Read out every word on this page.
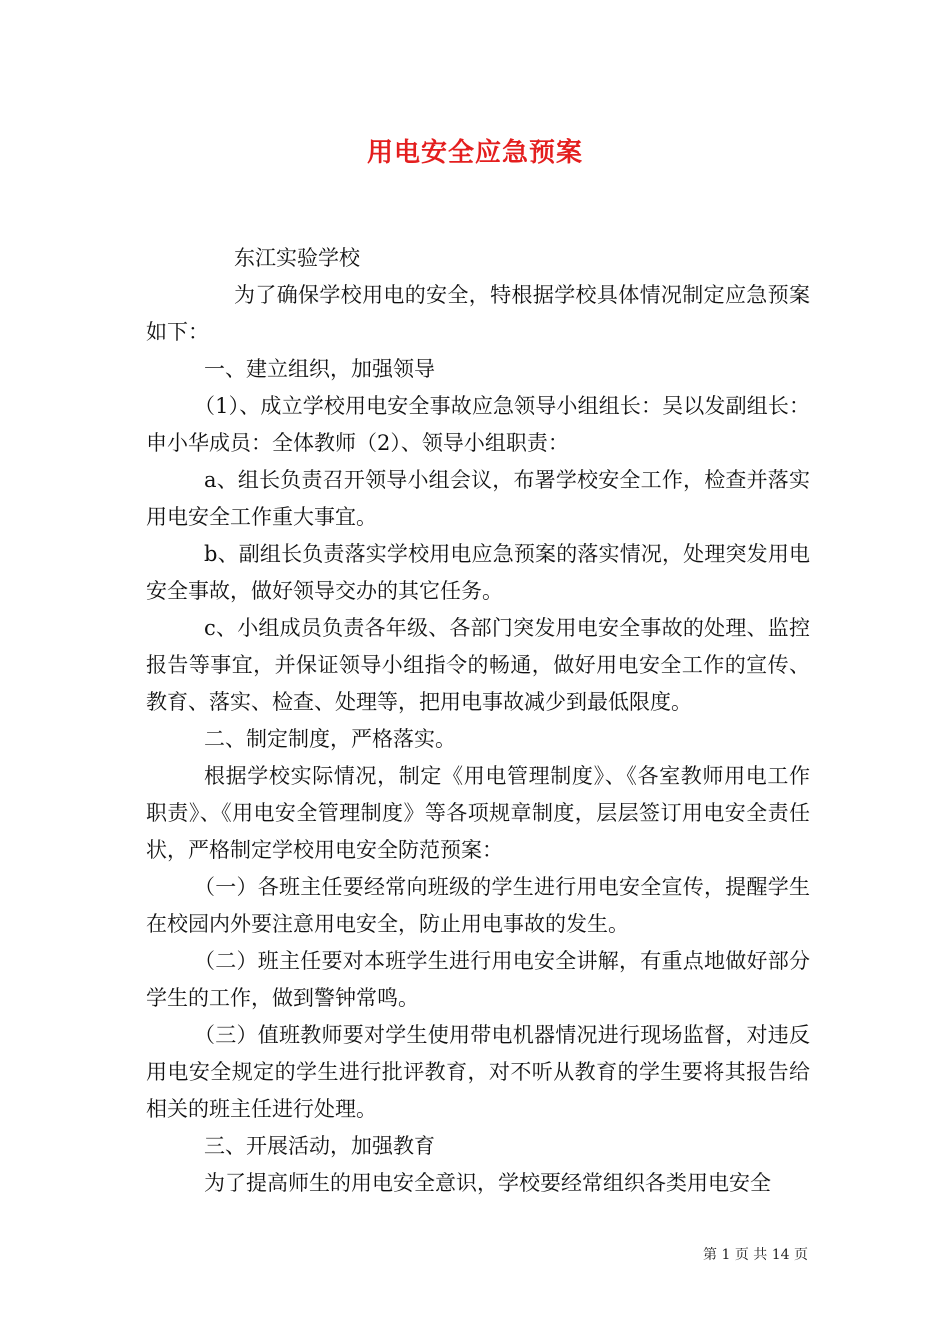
用电安全应急预案

东江实验学校

为了确保学校用电的安全，特根据学校具体情况制定应急预案如下：

一、建立组织，加强领导

（1）、成立学校用电安全事故应急领导小组组长：吴以发副组长：申小华成员：全体教师（2）、领导小组职责：

a、组长负责召开领导小组会议，布署学校安全工作，检查并落实用电安全工作重大事宜。

b、副组长负责落实学校用电应急预案的落实情况，处理突发用电安全事故，做好领导交办的其它任务。

c、小组成员负责各年级、各部门突发用电安全事故的处理、监控报告等事宜，并保证领导小组指令的畅通，做好用电安全工作的宣传、教育、落实、检查、处理等，把用电事故减少到最低限度。

二、制定制度，严格落实。

根据学校实际情况，制定《用电管理制度》、《各室教师用电工作职责》、《用电安全管理制度》等各项规章制度，层层签订用电安全责任状，严格制定学校用电安全防范预案：

（一）各班主任要经常向班级的学生进行用电安全宣传，提醒学生在校园内外要注意用电安全，防止用电事故的发生。

（二）班主任要对本班学生进行用电安全讲解，有重点地做好部分学生的工作，做到警钟常鸣。

（三）值班教师要对学生使用带电机器情况进行现场监督，对违反用电安全规定的学生进行批评教育，对不听从教育的学生要将其报告给相关的班主任进行处理。

三、开展活动，加强教育

为了提高师生的用电安全意识，学校要经常组织各类用电安全

第 1 页 共 14 页
